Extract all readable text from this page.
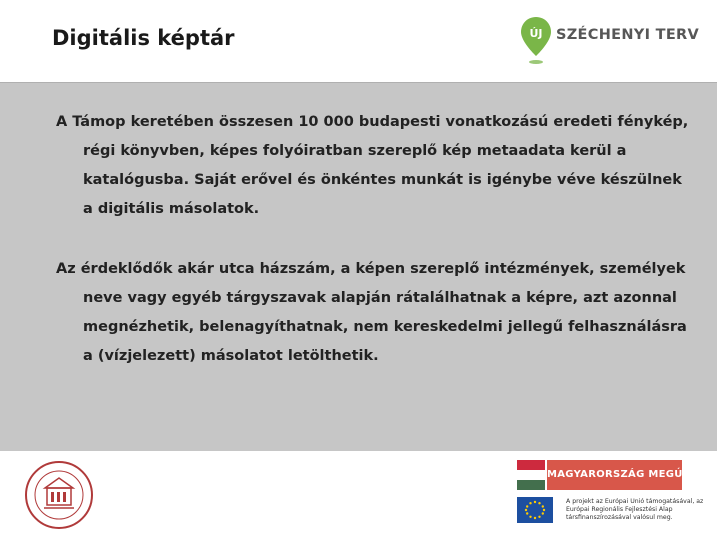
Digitális képtár	ÚJ SZÉCHENYI TERV

A Támop keretében összesen 10 000 budapesti vonatkozású eredeti fénykép, régi könyvben, képes folyóiratban szereplő kép metaadata kerül a katalógusba. Saját erővel és önkéntes munkát is igénybe véve készülnek a digitális másolatok.

Az érdeklődők akár utca házszám, a képen szereplő intézmények, személyek neve vagy egyéb tárgyszavak alapján rátalálhatnak a képre, azt azonnal megnézhetik, belenagyíthatnak, nem kereskedelmi jellegű felhasználásra a (vízjelezett) másolatot letölthetik.

MAGYARORSZÁG MEGÚJUL

A projekt az Európai Unió támogatásával, az Európai Regionális Fejlesztési Alap társfinanszírozásával valósul meg.
